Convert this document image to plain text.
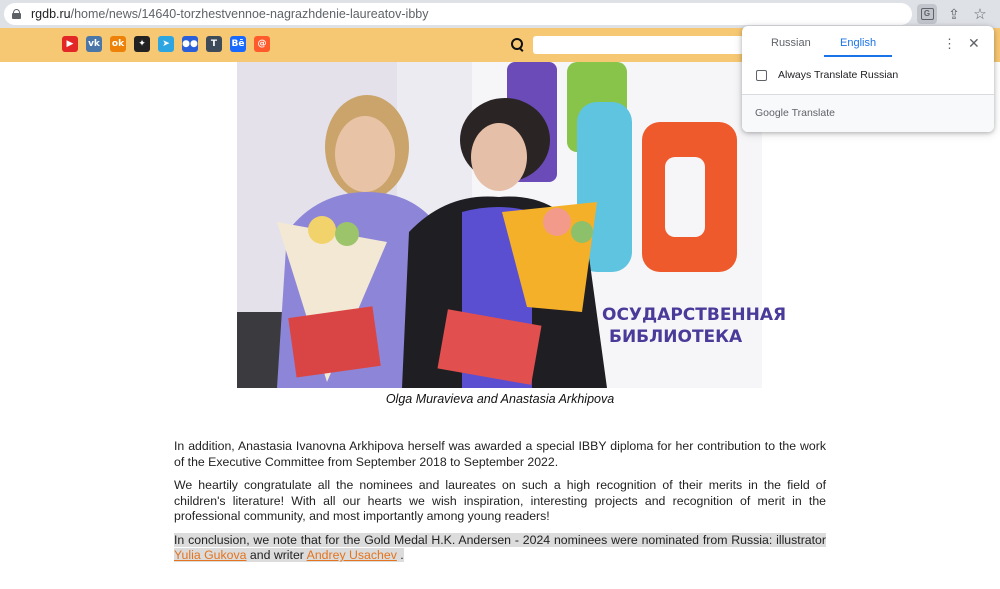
rgdb.ru/home/news/14640-torzhestvennoe-nagrazhdenie-laureatov-ibby	G ⇪ ☆
▶	vk ok	✦	➤	●●	T	Bē	@
ОСУДАРСТВЕННАЯ
БИБЛИОТЕКА
Olga Muravieva and Anastasia Arkhipova

In addition, Anastasia Ivanovna Arkhipova herself was awarded a special IBBY diploma for her contribution to the work of the Executive Committee from September 2018 to September 2022.

We heartily congratulate all the nominees and laureates on such a high recognition of their merits in the field of children's literature! With all our hearts we wish inspiration, interesting projects and recognition of merit in the professional community, and most importantly among young readers!

In conclusion, we note that for the Gold Medal H.K. Andersen - 2024 nominees were nominated from Russia: illustrator Yulia Gukova and writer Andrey Usachev .

Russian	English	⋮ ✕
Always Translate Russian
Google Translate
